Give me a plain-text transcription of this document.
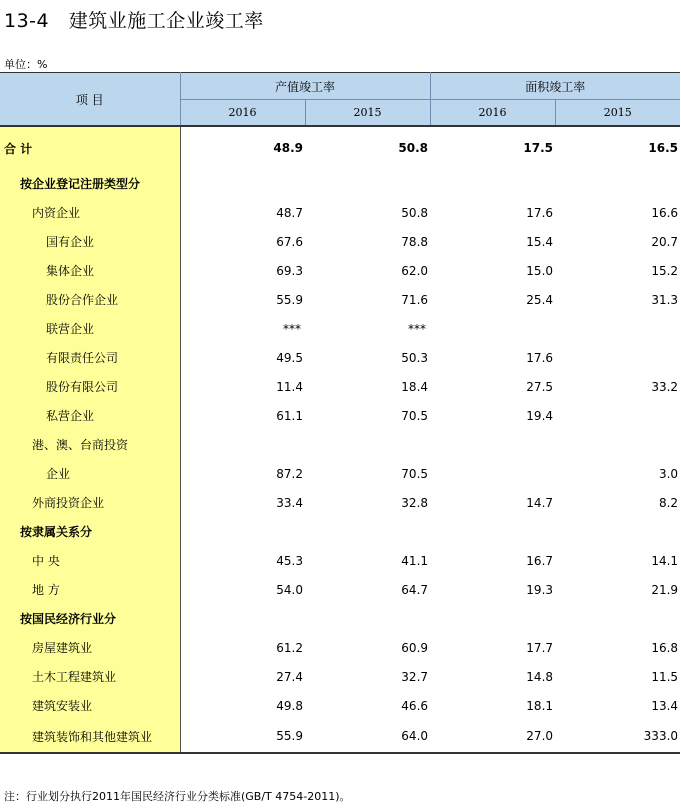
13-4   建筑业施工企业竣工率
单位：%
项 目	产值竣工率		面积竣工率	
	2016	2015	2016	2015
合 计	48.9	50.8	17.5	16.5
按企业登记注册类型分				
内资企业	48.7	50.8	17.6	16.6
国有企业	67.6	78.8	15.4	20.7
集体企业	69.3	62.0	15.0	15.2
股份合作企业	55.9	71.6	25.4	31.3
联营企业	***	***		
有限责任公司	49.5	50.3	17.6	
股份有限公司	11.4	18.4	27.5	33.2
私营企业	61.1	70.5	19.4	
港、澳、台商投资				
企业	87.2	70.5		3.0
外商投资企业	33.4	32.8	14.7	8.2
按隶属关系分				
中 央	45.3	41.1	16.7	14.1
地 方	54.0	64.7	19.3	21.9
按国民经济行业分				
房屋建筑业	61.2	60.9	17.7	16.8
土木工程建筑业	27.4	32.7	14.8	11.5
建筑安装业	49.8	46.6	18.1	13.4
建筑装饰和其他建筑业	55.9	64.0	27.0	333.0
注：行业划分执行2011年国民经济行业分类标准(GB/T 4754-2011)。
